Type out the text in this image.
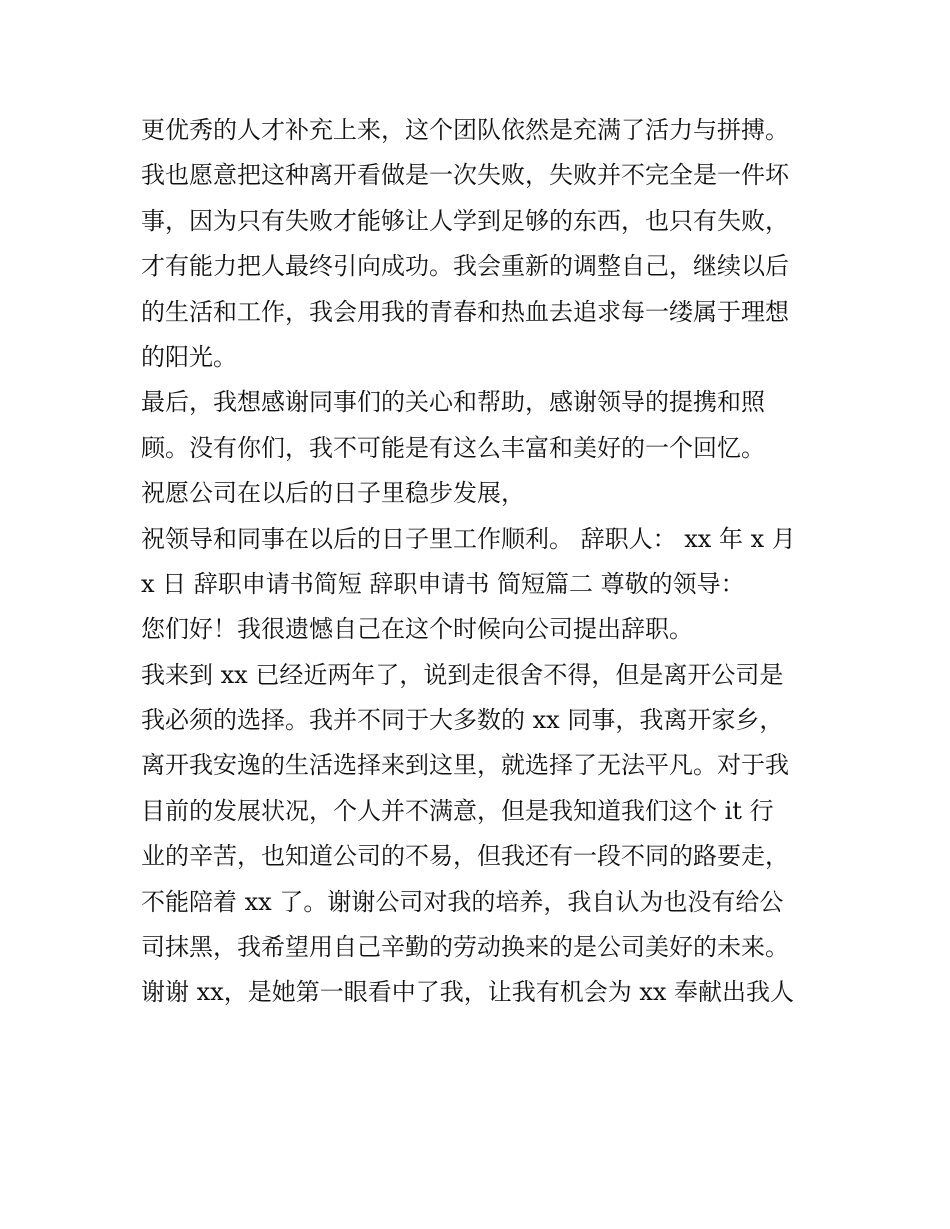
更优秀的人才补充上来，这个团队依然是充满了活力与拼搏。
我也愿意把这种离开看做是一次失败，失败并不完全是一件坏
事，因为只有失败才能够让人学到足够的东西，也只有失败，
才有能力把人最终引向成功。我会重新的调整自己，继续以后
的生活和工作，我会用我的青春和热血去追求每一缕属于理想
的阳光。
最后，我想感谢同事们的关心和帮助，感谢领导的提携和照
顾。没有你们，我不可能是有这么丰富和美好的一个回忆。
祝愿公司在以后的日子里稳步发展，
祝领导和同事在以后的日子里工作顺利。 辞职人： xx 年 x 月
x 日 辞职申请书简短 辞职申请书 简短篇二 尊敬的领导：
您们好！我很遗憾自己在这个时候向公司提出辞职。
我来到 xx 已经近两年了，说到走很舍不得，但是离开公司是
我必须的选择。我并不同于大多数的 xx 同事，我离开家乡，
离开我安逸的生活选择来到这里，就选择了无法平凡。对于我
目前的发展状况，个人并不满意，但是我知道我们这个 it 行
业的辛苦，也知道公司的不易，但我还有一段不同的路要走，
不能陪着 xx 了。谢谢公司对我的培养，我自认为也没有给公
司抹黑，我希望用自己辛勤的劳动换来的是公司美好的未来。
谢谢 xx，是她第一眼看中了我，让我有机会为 xx 奉献出我人
